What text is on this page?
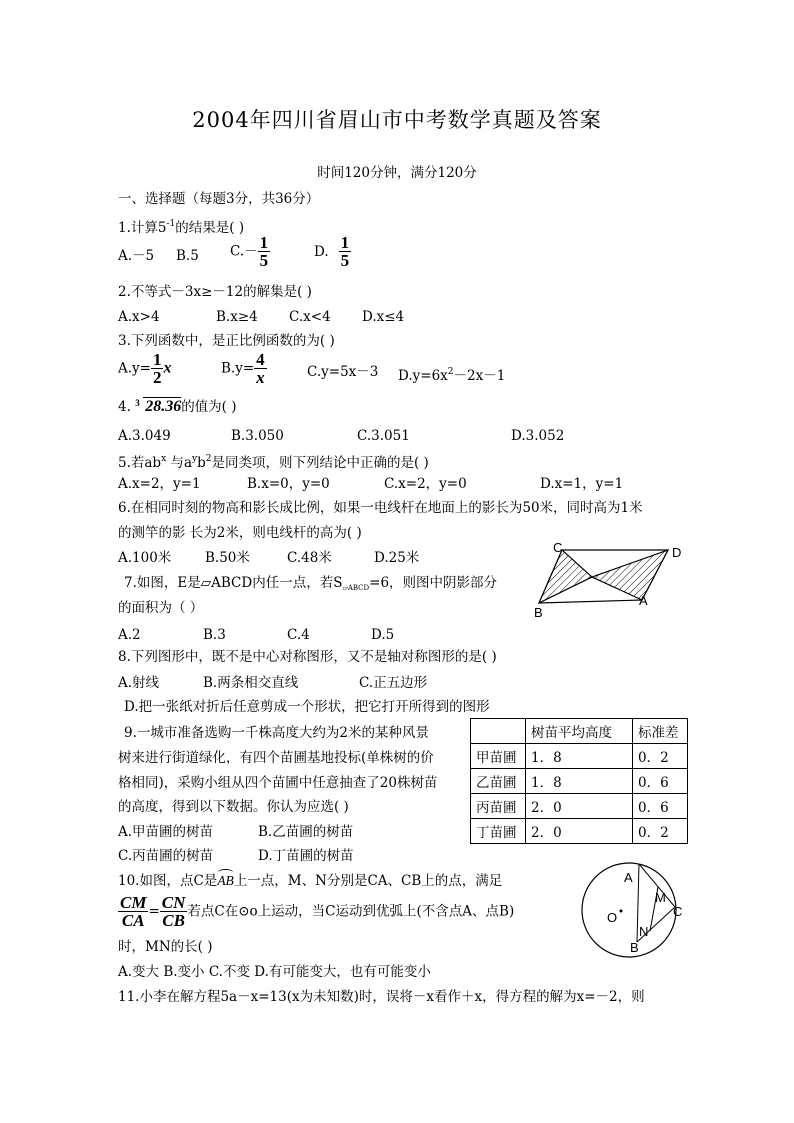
2004年四川省眉山市中考数学真题及答案
时间120分钟，满分120分
一、选择题（每题3分，共36分）
1.计算$5^{-1}$的结果是( )
A.－5 B.5 $C.- \frac{1}{5}$	D. $\frac{1}{5}$
2.不等式－3x≥－12的解集是( )
A.x>4	B.x≥4 C.x<4 D.x≤4
3.下列函数中，是正比例函数的为( )
$A.y= \frac{1}{2}$ x	$B.y= \frac{4}{x}$	C.y=5x－3 $D.y=6x^2-2x-1$
4. 3 28.36的值为( )
A.3.049	B.3.050	C.3.051	D.3.052
5.若$ab^x$ 与$a^yb^2$是同类项，则下列结论中正确的是( )
A.x=2，y=1	B.x=0，y=0	C.x=2，y=0	D.x=1，y=1
6.在相同时刻的物高和影长成比例，如果一电线杆在地面上的影长为50米，同时高为1米
的测竿的影 长为2米，则电线杆的高为( )
A.100米 B.50米	C.48米	D.25米
7.如图，E是▱ABCD内任一点，若$S_{▱ABCD}=6$，则图中阴影部分
的面积为（ ）
A.2	B.3	C.4	D.5
C	D
B
A
8.下列图形中，既不是中心对称图形，又不是轴对称图形的是( )
A.射线	B.两条相交直线	C.正五边形
D.把一张纸对折后任意剪成一个形状，把它打开所得到的图形
9.一城市准备选购一千株高度大约为2米的某种风景
树来进行街道绿化，有四个苗圃基地投标(单株树的价
格相同)，采购小组从四个苗圃中任意抽查了20株树苗
的高度，得到以下数据。你认为应选( )
A.甲苗圃的树苗	B.乙苗圃的树苗
C.丙苗圃的树苗	D.丁苗圃的树苗
	树苗平均高度	标准差
甲苗圃	1．8	0．2
乙苗圃	1．8	0．6
丙苗圃	2．0	0．6
丁苗圃	2．0	0．2
10.如图，点C是AB上一点，M、N分别是CA、CB上的点，满足
$\frac{CM}{CA} = \frac{CN}{CB}$ 若点C在⊙o上运动，当C运动到优弧上(不含点A、点B)
时，MN的长( )
A.变大 B.变小 C.不变 D.有可能变大，也有可能变小
A
M
C
O
N
B
11.小李在解方程5a－x=13(x为未知数)时，误将－x看作＋x，得方程的解为x=－2，则
